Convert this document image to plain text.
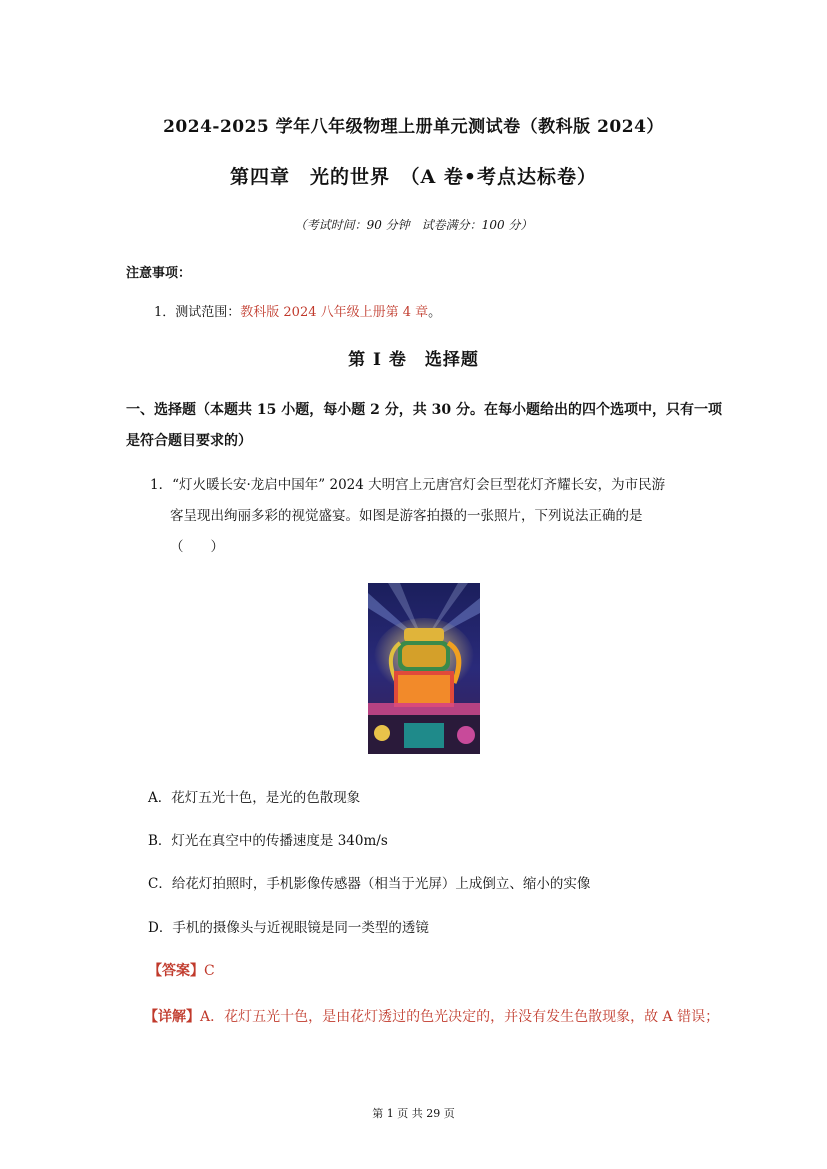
2024-2025 学年八年级物理上册单元测试卷（教科版 2024）
第四章　光的世界　（A 卷•考点达标卷）
（考试时间：90 分钟　试卷满分：100 分）
注意事项：
1．测试范围：教科版 2024 八年级上册第 4 章。
第 I 卷　选择题
一、选择题（本题共 15 小题，每小题 2 分，共 30 分。在每小题给出的四个选项中，只有一项是符合题目要求的）
1．“灯火暖长安·龙启中国年” 2024 大明宫上元唐宫灯会巨型花灯齐耀长安，为市民游
客呈现出绚丽多彩的视觉盛宴。如图是游客拍摄的一张照片，下列说法正确的是
（　　）
A．花灯五光十色，是光的色散现象
B．灯光在真空中的传播速度是 340m/s
C．给花灯拍照时，手机影像传感器（相当于光屏）上成倒立、缩小的实像
D．手机的摄像头与近视眼镜是同一类型的透镜
【答案】C
【详解】A．花灯五光十色，是由花灯透过的色光决定的，并没有发生色散现象，故 A 错误；
第 1 页 共 29 页
